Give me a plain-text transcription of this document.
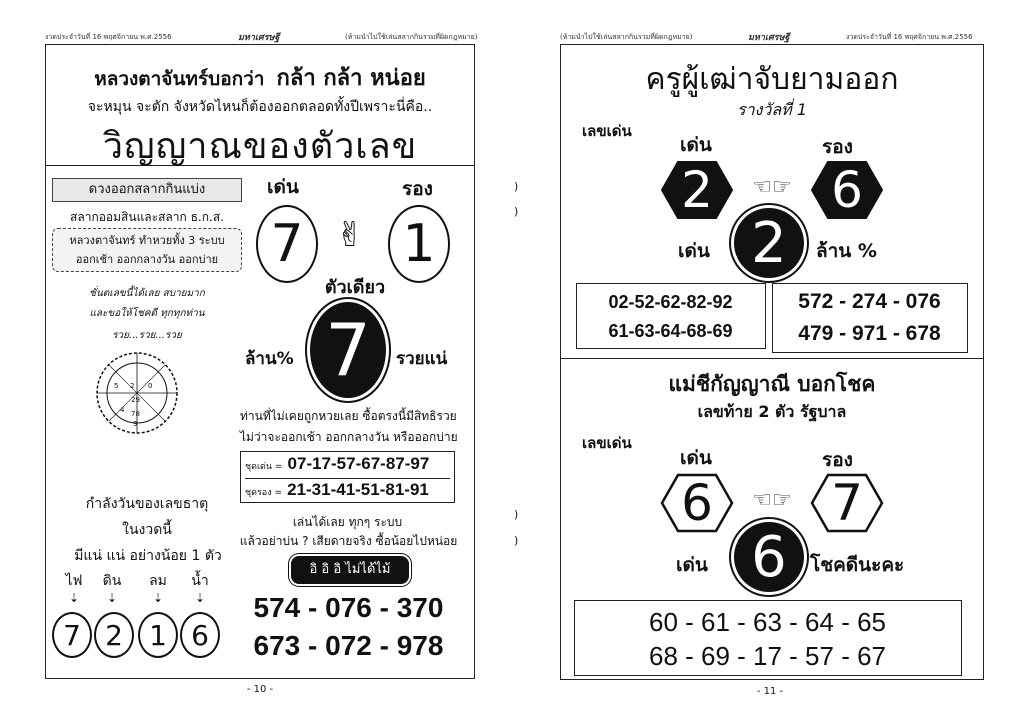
งวดประจำวันที่ 16 พฤศจิกายน พ.ศ.2556	มหาเศรษฐี	(ห้ามนำไปใช้เล่นสลากกินรวมที่ผิดกฎหมาย)
หลวงตาจันทร์บอกว่า กล้า กล้า หน่อย
จะหมุน จะตัก จังหวัดไหนก็ต้องออกตลอดทั้งปีเพราะนี่คือ..
วิญญาณของตัวเลข
ดวงออกสลากกินแบ่ง
สลากออมสินและสลาก ธ.ก.ส.
หลวงตาจันทร์ ทำหวยทั้ง 3 ระบบ
ออกเช้า ออกกลางวัน ออกบ่าย
ชั่นตเลขนี้ได้เลย สบายมาก
และขอให้โชคดี ทุกทุกท่าน
รวย...รวย...รวย
5 2 0
29
4 78
9
กำลังวันของเลขธาตุ
ในงวดนี้
มีแน่ แน่ อย่างน้อย 1 ตัว
ไฟ	ดิน	ลม	น้ำ
⇣ ⇣	⇣	⇣
7 2 1 6
เด่น	รอง
7 ✌ 1
ตัวเดียว
ล้าน%	รวยแน่
7
ท่านที่ไม่เคยถูกหวยเลย ซื้อตรงนี้มีสิทธิรวย
ไม่ว่าจะออกเช้า ออกกลางวัน หรือออกบ่าย
ชุดเด่น = 07-17-57-67-87-97
ชุดรอง = 21-31-41-51-81-91
เล่นได้เลย ทุกๆ ระบบ
แล้วอย่าบ่น ? เสียดายจริง ซื้อน้อยไปหน่อย
อิ อิ อิ ไม่ได้ไม้
574 - 076 - 370
673 - 072 - 978
- 10 -
)
)
)
)
(ห้ามนำไปใช้เล่นสลากกินรวมที่ผิดกฎหมาย)	มหาเศรษฐี	งวดประจำวันที่ 16 พฤศจิกายน พ.ศ.2556
ครูผู้เฒ่าจับยามออก
รางวัลที่ 1
เลขเด่น
เด่น	รอง
2	☜☞ 6
เด่น 2 ล้าน %
02-52-62-82-92
61-63-64-68-69
572 - 274 - 076
479 - 971 - 678
แม่ชีกัญญาณี บอกโชค
เลขท้าย 2 ตัว รัฐบาล
เลขเด่น
เด่น	รอง
6	☜☞ 7
เด่น 6 โชคดีนะคะ
60 - 61 - 63 - 64 - 65
68 - 69 - 17 - 57 - 67
- 11 -
